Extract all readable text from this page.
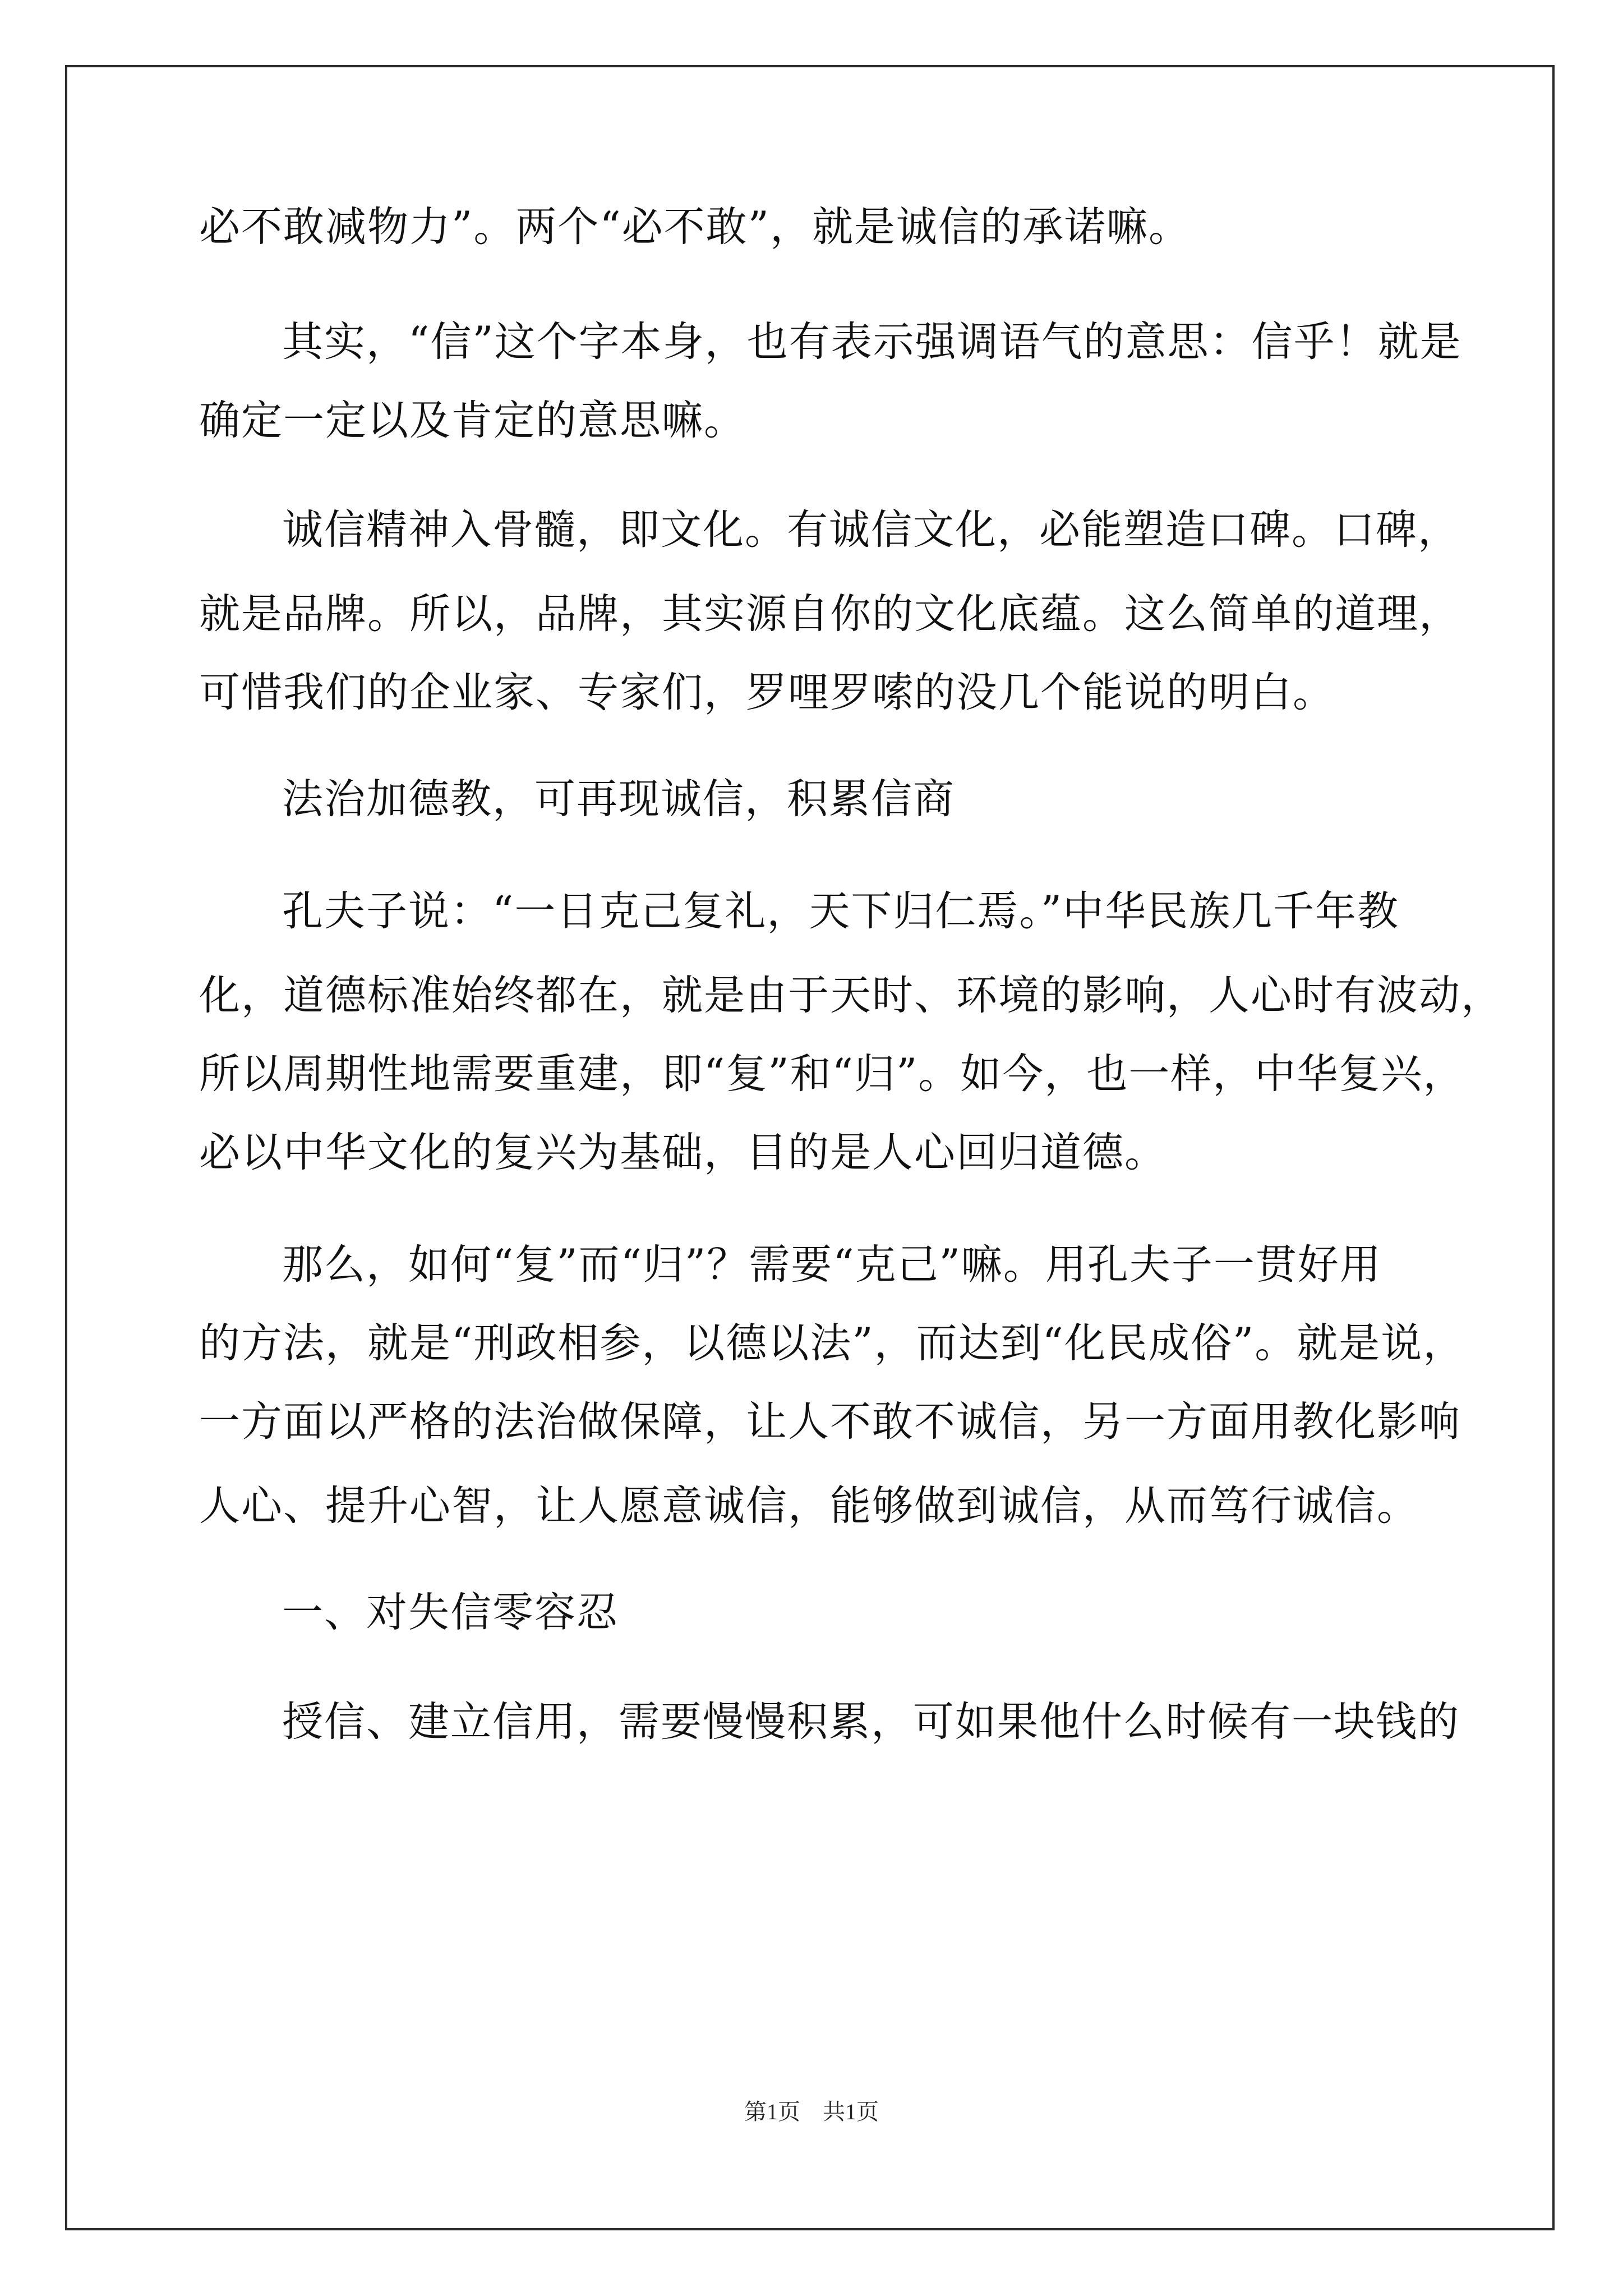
必不敢减物力”。两个“必不敢”，就是诚信的承诺嘛。
其实，“信”这个字本身，也有表示强调语气的意思：信乎！就是
确定一定以及肯定的意思嘛。
诚信精神入骨髓，即文化。有诚信文化，必能塑造口碑。口碑，
就是品牌。所以，品牌，其实源自你的文化底蕴。这么简单的道理，
可惜我们的企业家、专家们，罗哩罗嗦的没几个能说的明白。
法治加德教，可再现诚信，积累信商
孔夫子说：“一日克己复礼，天下归仁焉。”中华民族几千年教
化，道德标准始终都在，就是由于天时、环境的影响，人心时有波动，
所以周期性地需要重建，即“复”和“归”。如今，也一样，中华复兴，
必以中华文化的复兴为基础，目的是人心回归道德。
那么，如何“复”而“归”？需要“克己”嘛。用孔夫子一贯好用
的方法，就是“刑政相参，以德以法”，而达到“化民成俗”。就是说，
一方面以严格的法治做保障，让人不敢不诚信，另一方面用教化影响
人心、提升心智，让人愿意诚信，能够做到诚信，从而笃行诚信。
一、对失信零容忍
授信、建立信用，需要慢慢积累，可如果他什么时候有一块钱的
第1页 共1页
